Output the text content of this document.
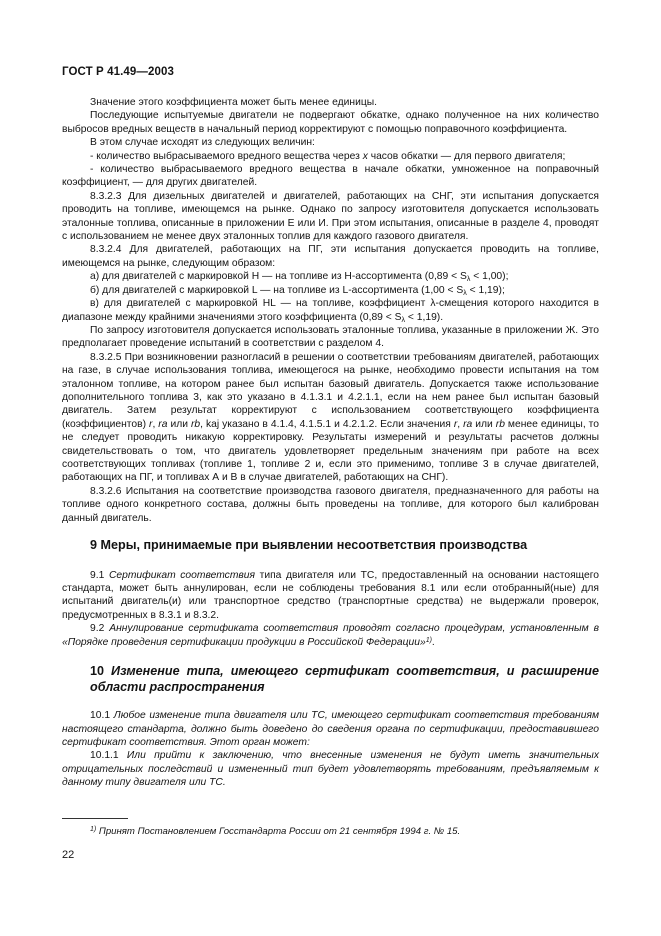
ГОСТ Р 41.49—2003

Значение этого коэффициента может быть менее единицы.

Последующие испытуемые двигатели не подвергают обкатке, однако полученное на них количество выбросов вредных веществ в начальный период корректируют с помощью поправочного коэффициента.

В этом случае исходят из следующих величин:

- количество выбрасываемого вредного вещества через x часов обкатки — для первого двигателя;

- количество выбрасываемого вредного вещества в начале обкатки, умноженное на поправочный коэффициент, — для других двигателей.

8.3.2.3 Для дизельных двигателей и двигателей, работающих на СНГ, эти испытания допускается проводить на топливе, имеющемся на рынке. Однако по запросу изготовителя допускается использовать эталонные топлива, описанные в приложении Е или И. При этом испытания, описанные в разделе 4, проводят с использованием не менее двух эталонных топлив для каждого газового двигателя.

8.3.2.4 Для двигателей, работающих на ПГ, эти испытания допускается проводить на топливе, имеющемся на рынке, следующим образом:

а) для двигателей с маркировкой Н — на топливе из Н-ассортимента $(0,89 < S_\lambda < 1,00)$;

б) для двигателей с маркировкой L — на топливе из L-ассортимента $(1,00 < S_\lambda < 1,19)$;

в) для двигателей с маркировкой HL — на топливе, коэффициент λ-смещения которого находится в диапазоне между крайними значениями этого коэффициента $(0,89 < S_\lambda < 1,19)$.

По запросу изготовителя допускается использовать эталонные топлива, указанные в приложении Ж. Это предполагает проведение испытаний в соответствии с разделом 4.

8.3.2.5 При возникновении разногласий в решении о соответствии требованиям двигателей, работающих на газе, в случае использования топлива, имеющегося на рынке, необходимо провести испытания на том эталонном топливе, на котором ранее был испытан базовый двигатель. Допускается также использование дополнительного топлива 3, как это указано в 4.1.3.1 и 4.2.1.1, если на нем ранее был испытан базовый двигатель. Затем результат корректируют с использованием соответствующего коэффициента (коэффициентов) r, ra или rb, kaj указано в 4.1.4, 4.1.5.1 и 4.2.1.2. Если значения r, ra или rb менее единицы, то не следует проводить никакую корректировку. Результаты измерений и результаты расчетов должны свидетельствовать о том, что двигатель удовлетворяет предельным значениям при работе на всех соответствующих топливах (топливе 1, топливе 2 и, если это применимо, топливе 3 в случае двигателей, работающих на ПГ, и топливах А и В в случае двигателей, работающих на СНГ).

8.3.2.6 Испытания на соответствие производства газового двигателя, предназначенного для работы на топливе одного конкретного состава, должны быть проведены на топливе, для которого был калиброван данный двигатель.

9 Меры, принимаемые при выявлении несоответствия производства

9.1 Сертификат соответствия типа двигателя или ТС, предоставленный на основании настоящего стандарта, может быть аннулирован, если не соблюдены требования 8.1 или если отобранный(ные) для испытаний двигатель(и) или транспортное средство (транспортные средства) не выдержали проверок, предусмотренных в 8.3.1 и 8.3.2.

9.2 Аннулирование сертификата соответствия проводят согласно процедурам, установленным в «Порядке проведения сертификации продукции в Российской Федерации»$^{1)}$.

10 Изменение типа, имеющего сертификат соответствия, и расширение области распространения

10.1 Любое изменение типа двигателя или ТС, имеющего сертификат соответствия требованиям настоящего стандарта, должно быть доведено до сведения органа по сертификации, предоставившего сертификат соответствия. Этот орган может:

10.1.1 Или прийти к заключению, что внесенные изменения не будут иметь значительных отрицательных последствий и измененный тип будет удовлетворять требованиям, предъявляемым к данному типу двигателя или ТС.

$^{1)}$ Принят Постановлением Госстандарта России от 21 сентября 1994 г. № 15.
22
